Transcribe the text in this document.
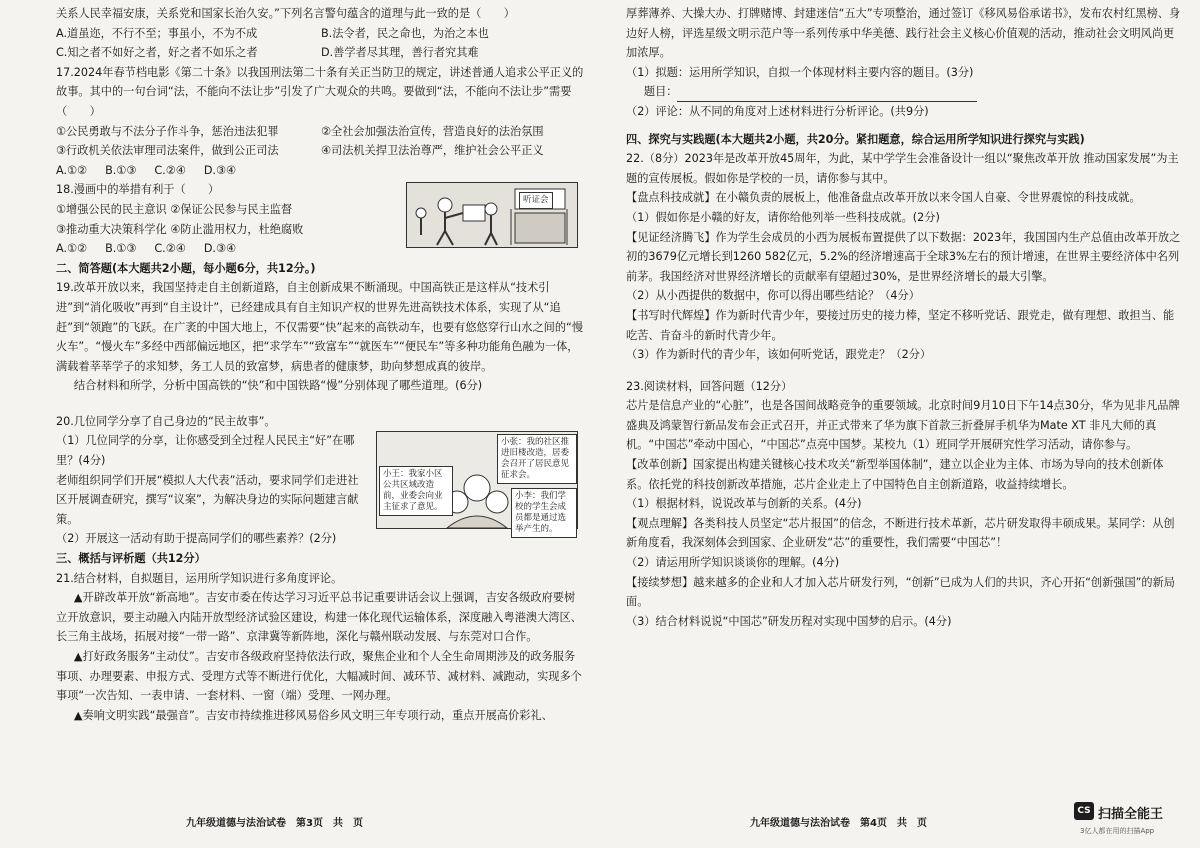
关系人民幸福安康，关系党和国家长治久安。”下列名言警句蕴含的道理与此一致的是（　　）

A.道虽迩，不行不至；事虽小，不为不成	B.法令者，民之命也，为治之本也
C.知之者不如好之者，好之者不如乐之者	D.善学者尽其理，善行者究其难

17.2024年春节档电影《第二十条》以我国刑法第二十条有关正当防卫的规定，讲述普通人追求公平正义的故事。其中的一句台词“法，不能向不法让步”引发了广大观众的共鸣。要做到“法，不能向不法让步”需要（　　）

①公民勇敢与不法分子作斗争，惩治违法犯罪	②全社会加强法治宣传，营造良好的法治氛围
③行政机关依法审理司法案件，做到公正司法	④司法机关捍卫法治尊严，维护社会公平正义
A.①② B.①③ C.②④ D.③④
听证会

18.漫画中的举措有利于（　　）

①增强公民的民主意识 ②保证公民参与民主监督

③推动重大决策科学化 ④防止滥用权力，杜绝腐败

A.①② B.①③ C.②④ D.③④

二、简答题(本大题共2小题，每小题6分，共12分。)

19.改革开放以来，我国坚持走自主创新道路，自主创新成果不断涌现。中国高铁正是这样从“技术引进”到“消化吸收”再到“自主设计”，已经建成具有自主知识产权的世界先进高铁技术体系，实现了从“追赶”到“领跑”的飞跃。在广袤的中国大地上，不仅需要“快”起来的高铁动车，也要有悠悠穿行山水之间的“慢火车”。“慢火车”多经中西部偏远地区，把“求学车”“致富车”“就医车”“便民车”等多种功能角色融为一体，满载着莘莘学子的求知梦，务工人员的致富梦，病患者的健康梦，助向梦想成真的彼岸。

结合材料和所学，分析中国高铁的“快”和中国铁路“慢”分别体现了哪些道理。(6分)

20.几位同学分享了自己身边的“民主故事”。

小张：我的社区推进旧楼改造，居委会召开了居民意见征求会。
小王：我家小区公共区域改造前，业委会向业主征求了意见。
小李：我们学校的学生会成员都是通过选举产生的。

（1）几位同学的分享，让你感受到全过程人民民主“好”在哪里？(4分)

老师组织同学们开展“模拟人大代表”活动，要求同学们走进社区开展调查研究，撰写“议案”，为解决身边的实际问题建言献策。

（2）开展这一活动有助于提高同学们的哪些素养？(2分)

三、概括与评析题（共12分）

21.结合材料，自拟题目，运用所学知识进行多角度评论。

▲开辟改革开放“新高地”。吉安市委在传达学习习近平总书记重要讲话会议上强调，吉安各级政府要树立开放意识，要主动融入内陆开放型经济试验区建设，构建一体化现代运输体系，深度融入粤港澳大湾区、长三角主战场，拓展对接“一带一路”、京津冀等新阵地，深化与赣州联动发展、与东莞对口合作。

▲打好政务服务“主动仗”。吉安市各级政府坚持依法行政，聚焦企业和个人全生命周期涉及的政务服务事项、办理要素、申报方式、受理方式等不断进行优化，大幅减时间、减环节、减材料、减跑动，实现多个事项“一次告知、一表申请、一套材料、一窗（端）受理、一网办理。

▲奏响文明实践“最强音”。吉安市持续推进移风易俗乡风文明三年专项行动，重点开展高价彩礼、

九年级道德与法治试卷　第3页　共　页

厚葬薄养、大操大办、打牌赌博、封建迷信“五大”专项整治，通过签订《移风易俗承诺书》，发布农村红黑榜、身边好人榜，评选星级文明示范户等一系列传承中华美德、践行社会主义核心价值观的活动，推动社会文明风尚更加浓厚。

（1）拟题：运用所学知识，自拟一个体现材料主要内容的题目。(3分)

题目：

（2）评论：从不同的角度对上述材料进行分析评论。(共9分)

四、探究与实践题(本大题共2小题，共20分。紧扣题意，综合运用所学知识进行探究与实践)

22.（8分）2023年是改革开放45周年，为此，某中学学生会准备设计一组以“聚焦改革开放 推动国家发展”为主题的宣传展板。假如你是学校的一员，请你参与其中。

【盘点科技成就】在小赣负责的展板上，他准备盘点改革开放以来令国人自豪、令世界震惊的科技成就。

（1）假如你是小赣的好友，请你给他列举一些科技成就。(2分)

【见证经济腾飞】作为学生会成员的小西为展板布置提供了以下数据：2023年，我国国内生产总值由改革开放之初的3679亿元增长到1260 582亿元，5.2%的经济增速高于全球3%左右的预计增速，在世界主要经济体中名列前茅。我国经济对世界经济增长的贡献率有望超过30%，是世界经济增长的最大引擎。

（2）从小西提供的数据中，你可以得出哪些结论？（4分）

【书写时代辉煌】作为新时代青少年，要接过历史的接力棒，坚定不移听党话、跟党走，做有理想、敢担当、能吃苦、肯奋斗的新时代青少年。

（3）作为新时代的青少年，该如何听党话，跟党走？（2分）

23.阅读材料，回答问题（12分）

芯片是信息产业的“心脏”，也是各国间战略竞争的重要领域。北京时间9月10日下午14点30分，华为见非凡品牌盛典及鸿蒙智行新品发布会正式召开，并正式带来了华为旗下首款三折叠屏手机华为Mate XT 非凡大师的真机。“中国芯”牵动中国心，“中国芯”点亮中国梦。某校九（1）班同学开展研究性学习活动，请你参与。

【改革创新】国家提出构建关键核心技术攻关“新型举国体制”，建立以企业为主体、市场为导向的技术创新体系。依托党的科技创新改革措施，芯片企业走上了中国特色自主创新道路，收益持续增长。

（1）根据材料，说说改革与创新的关系。(4分)

【观点理解】各类科技人员坚定“芯片报国”的信念，不断进行技术革新，芯片研发取得丰硕成果。某同学：从创新角度看，我深刻体会到国家、企业研发“芯”的重要性，我们需要“中国芯”！

（2）请运用所学知识谈谈你的理解。(4分)

【接续梦想】越来越多的企业和人才加入芯片研发行列，“创新”已成为人们的共识，齐心开拓“创新强国”的新局面。

（3）结合材料说说“中国芯”研发历程对实现中国梦的启示。(4分)

九年级道德与法治试卷　第4页　共　页
CS 扫描全能王
3亿人都在用的扫描App
